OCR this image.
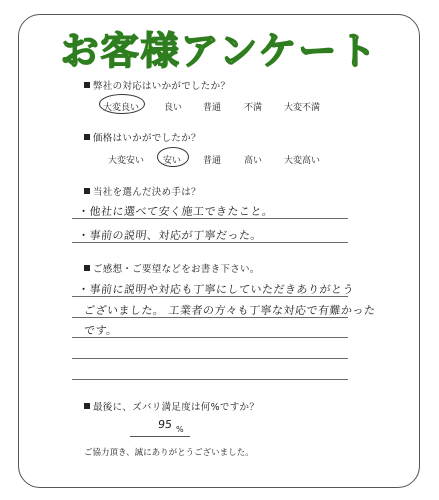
お客様アンケート
弊社の対応はいかがでしたか？
大変良い	良い 普通	不満 大変不満
価格はいかがでしたか？
大変安い 安い 普通	高い 大変高い
当社を選んだ決め手は？
・他社に選べて安く施工できたこと。
・事前の説明、対応が丁寧だった。
ご感想・ご要望などをお書き下さい。
・事前に説明や対応も丁寧にしていただきありがとう
ございました。 工業者の方々も丁寧な対応で有難かった
です。
最後に、ズバリ満足度は何%ですか？
95 %
ご協力頂き、誠にありがとうございました。
